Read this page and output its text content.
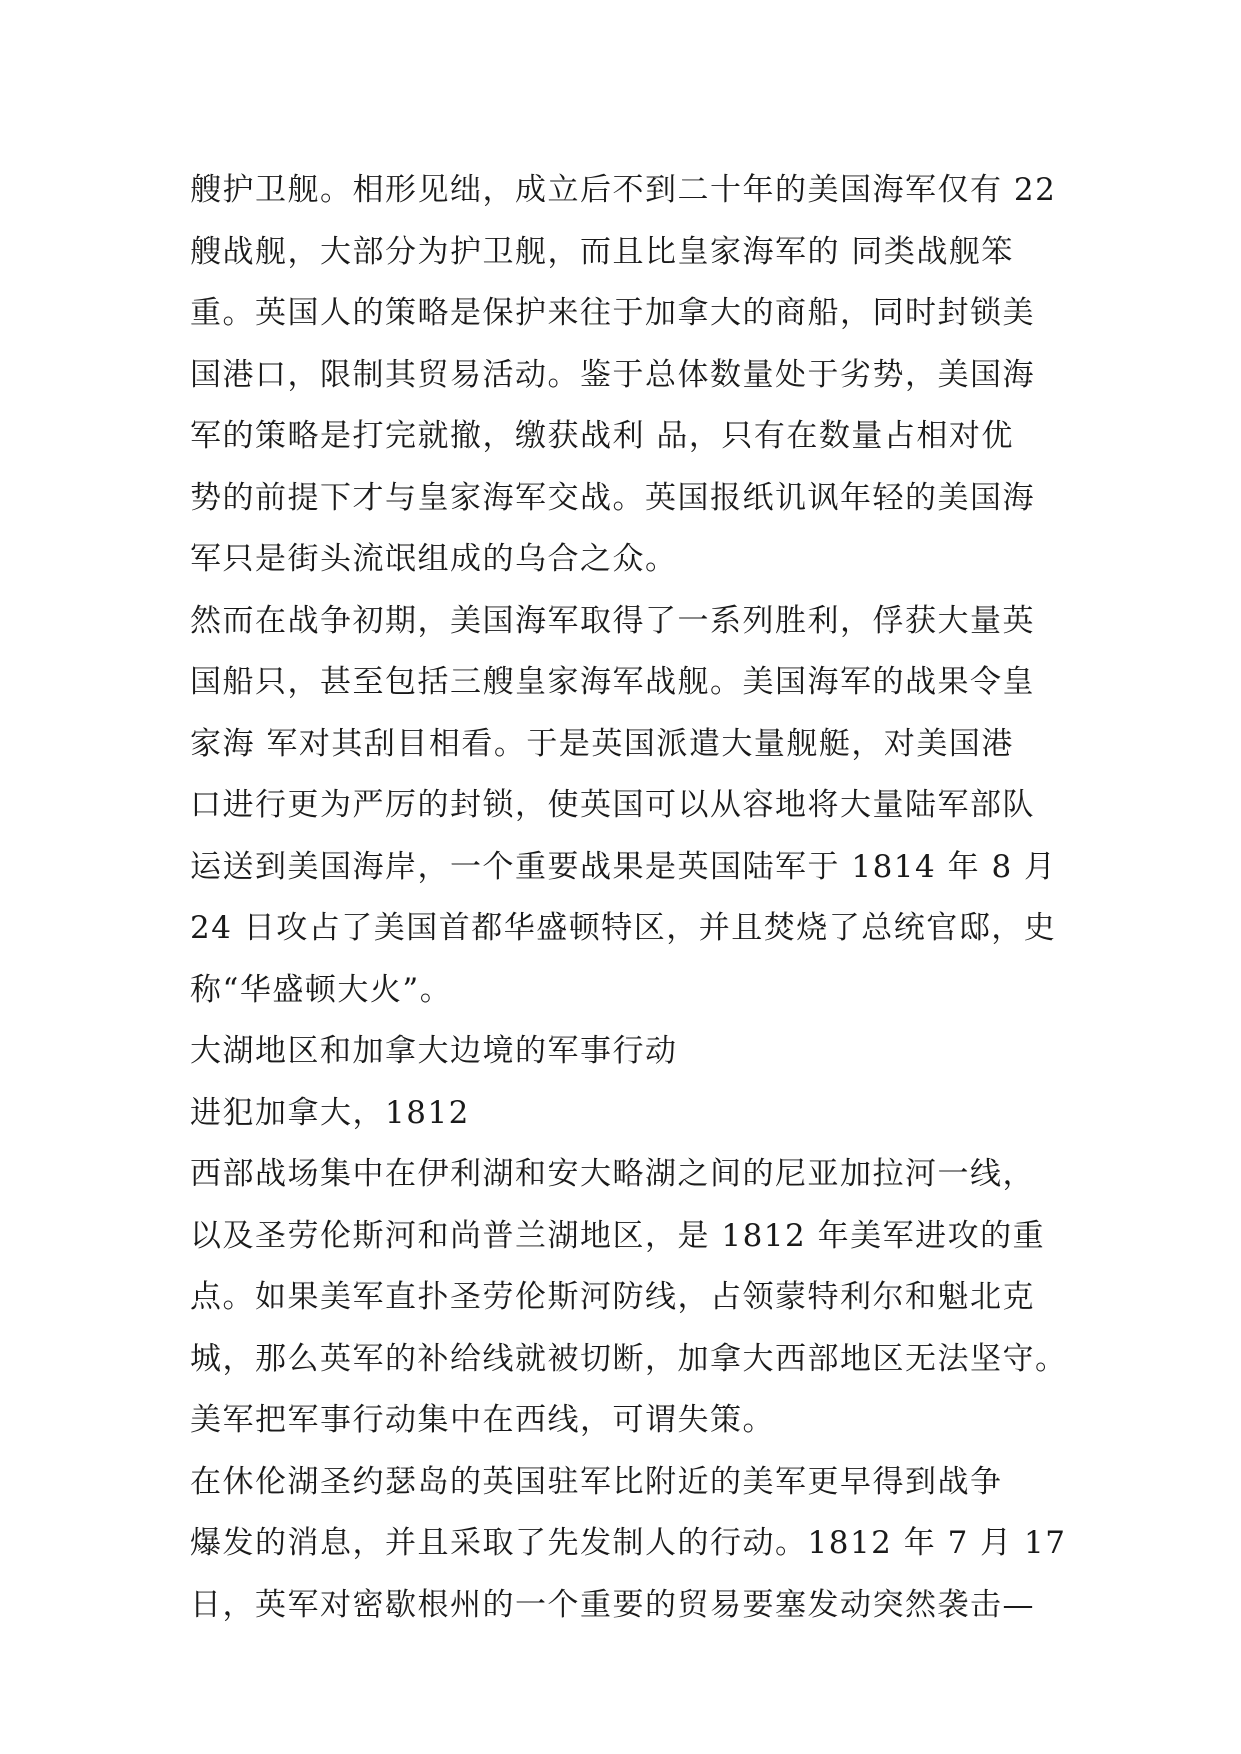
艘护卫舰。相形见绌，成立后不到二十年的美国海军仅有 22
艘战舰，大部分为护卫舰，而且比皇家海军的 同类战舰笨
重。英国人的策略是保护来往于加拿大的商船，同时封锁美
国港口，限制其贸易活动。鉴于总体数量处于劣势，美国海
军的策略是打完就撤，缴获战利 品，只有在数量占相对优
势的前提下才与皇家海军交战。英国报纸讥讽年轻的美国海
军只是街头流氓组成的乌合之众。
然而在战争初期，美国海军取得了一系列胜利，俘获大量英
国船只，甚至包括三艘皇家海军战舰。美国海军的战果令皇
家海 军对其刮目相看。于是英国派遣大量舰艇，对美国港
口进行更为严厉的封锁，使英国可以从容地将大量陆军部队
运送到美国海岸，一个重要战果是英国陆军于 1814 年 8 月
24 日攻占了美国首都华盛顿特区，并且焚烧了总统官邸，史
称“华盛顿大火”。
大湖地区和加拿大边境的军事行动
进犯加拿大，1812
西部战场集中在伊利湖和安大略湖之间的尼亚加拉河一线，
以及圣劳伦斯河和尚普兰湖地区，是 1812 年美军进攻的重
点。如果美军直扑圣劳伦斯河防线，占领蒙特利尔和魁北克
城，那么英军的补给线就被切断，加拿大西部地区无法坚守。
美军把军事行动集中在西线，可谓失策。
在休伦湖圣约瑟岛的英国驻军比附近的美军更早得到战争
爆发的消息，并且采取了先发制人的行动。1812 年 7 月 17
日，英军对密歇根州的一个重要的贸易要塞发动突然袭击—
